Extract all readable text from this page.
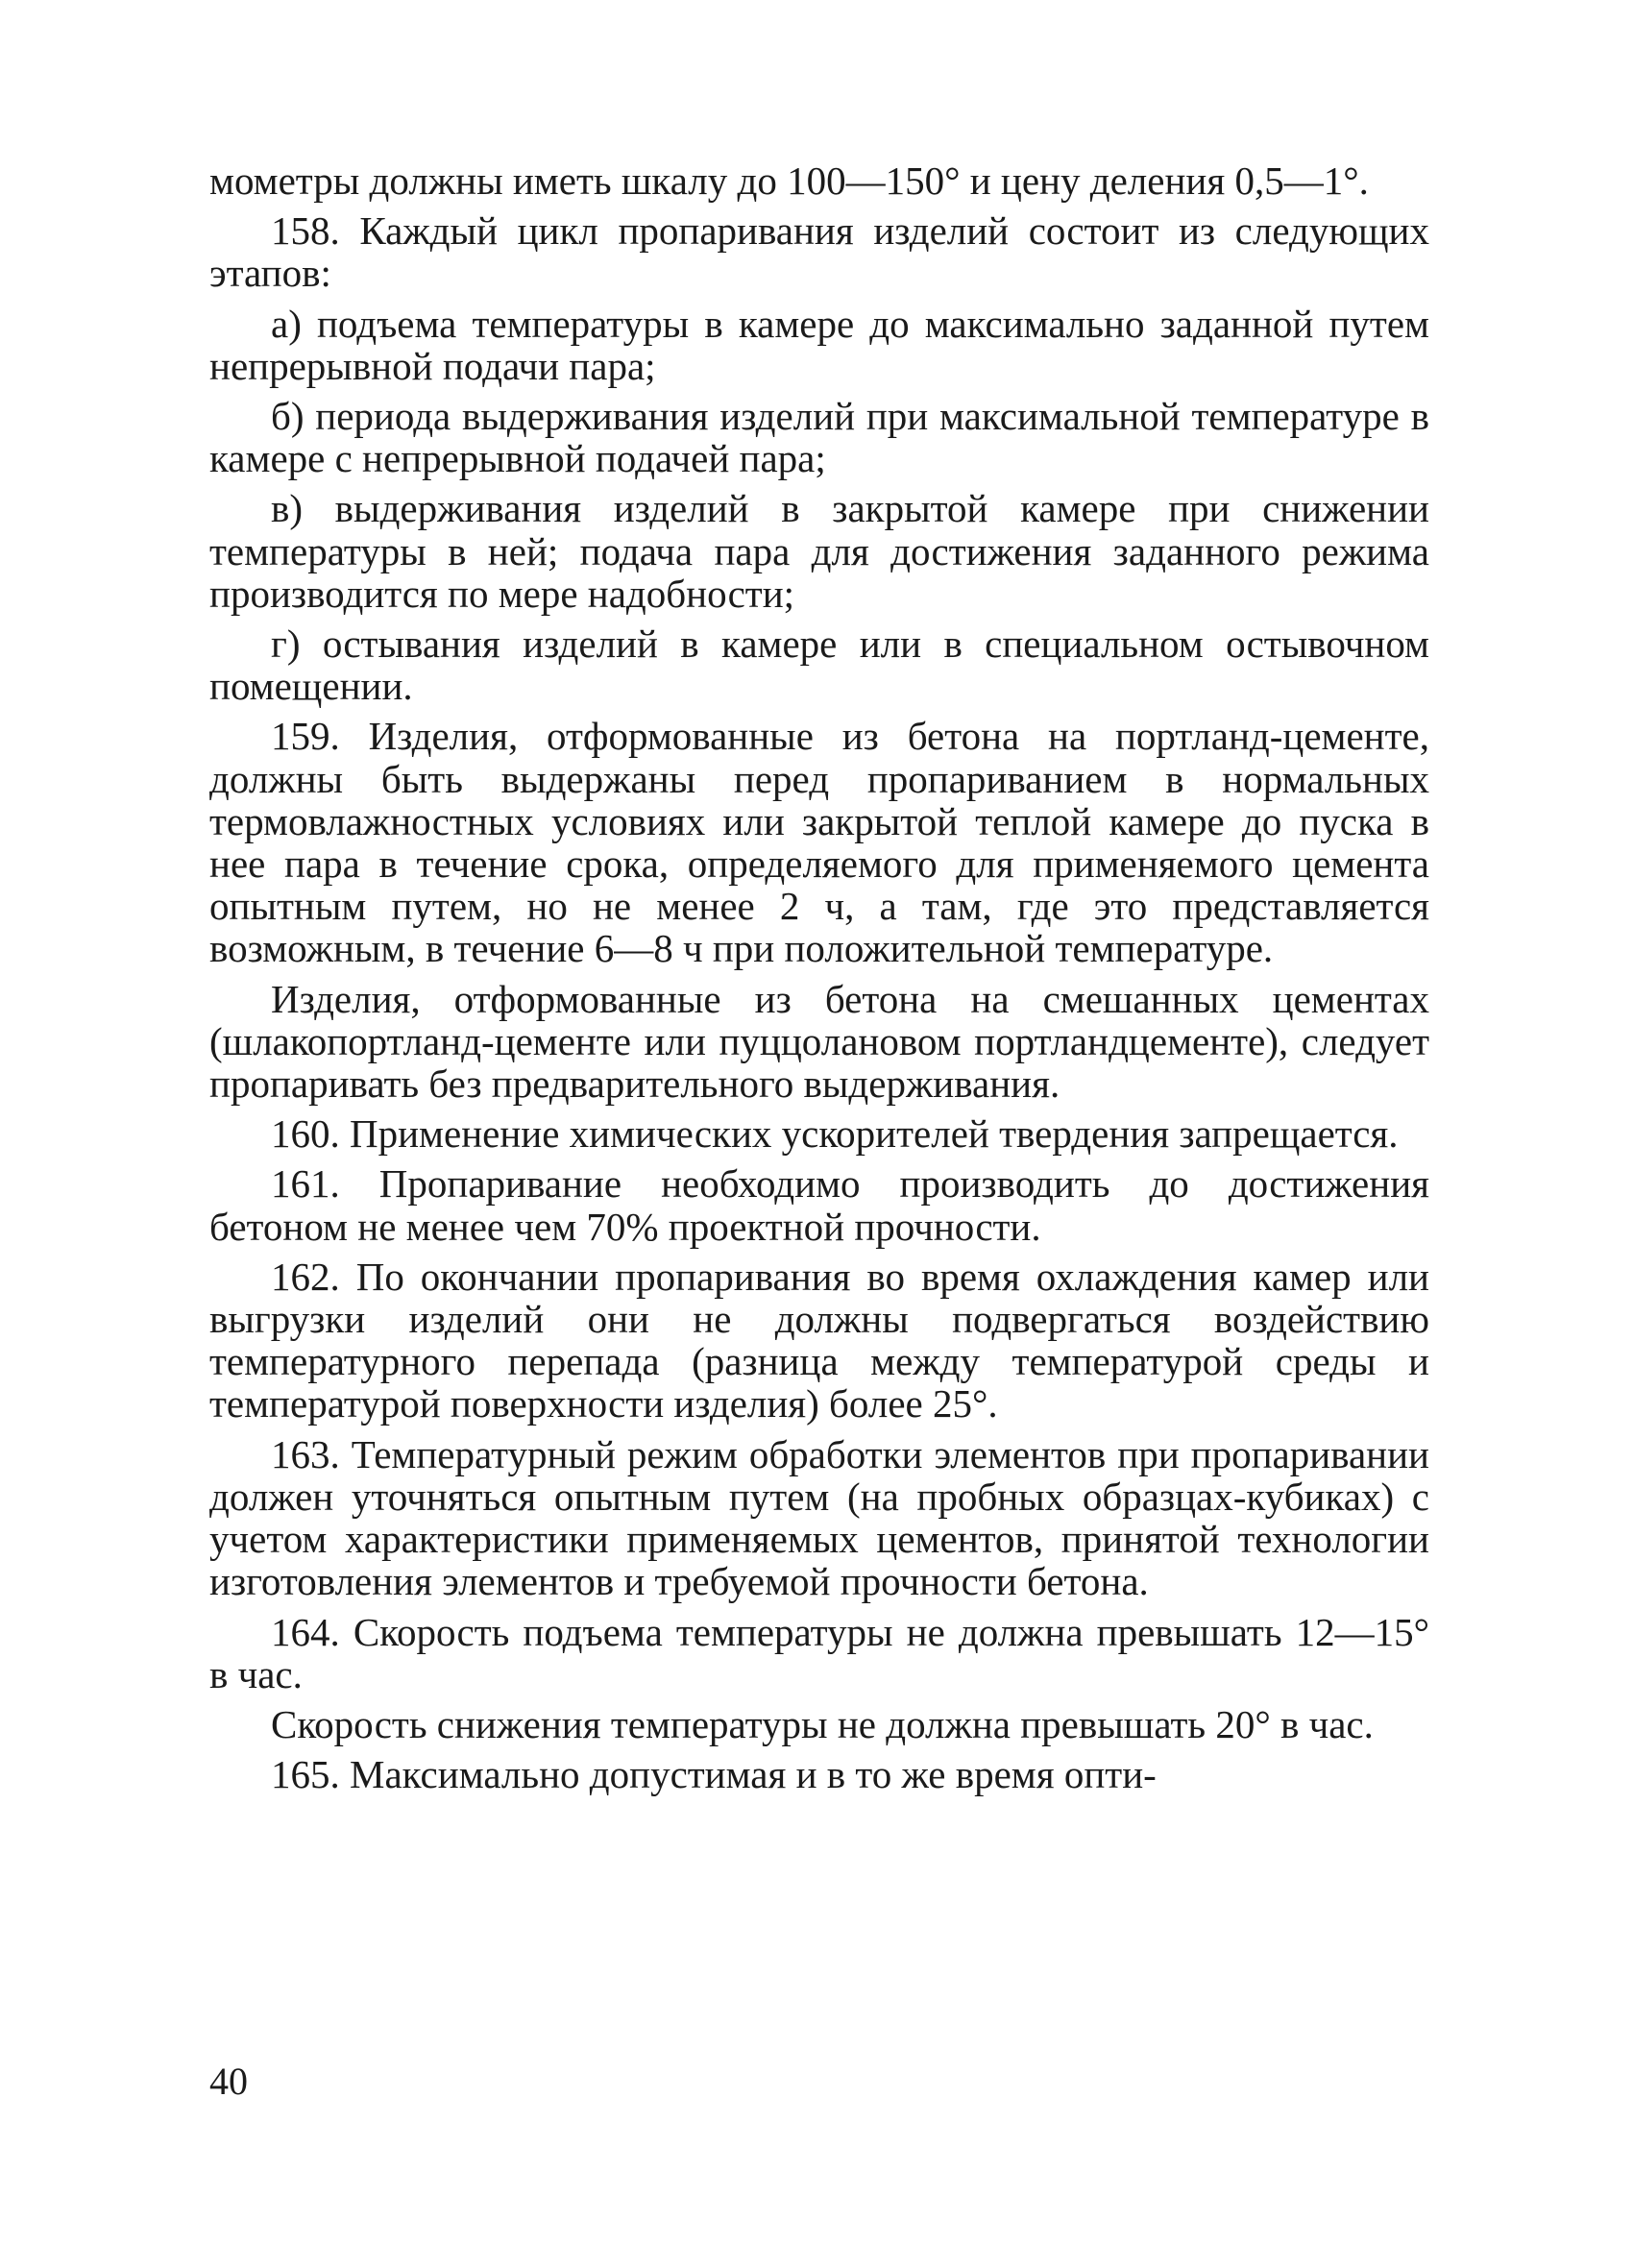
мометры должны иметь шкалу до 100—150° и цену деления 0,5—1°.

158. Каждый цикл пропаривания изделий состоит из следующих этапов:

а) подъема температуры в камере до максимально заданной путем непрерывной подачи пара;

б) периода выдерживания изделий при максимальной температуре в камере с непрерывной подачей пара;

в) выдерживания изделий в закрытой камере при снижении температуры в ней; подача пара для достижения заданного режима производится по мере надобности;

г) остывания изделий в камере или в специальном остывочном помещении.

159. Изделия, отформованные из бетона на портланд-цементе, должны быть выдержаны перед пропариванием в нормальных термовлажностных условиях или закрытой теплой камере до пуска в нее пара в течение срока, определяемого для применяемого цемента опытным путем, но не менее 2 ч, а там, где это представляется возможным, в течение 6—8 ч при положительной температуре.

Изделия, отформованные из бетона на смешанных цементах (шлакопортланд-цементе или пуццолановом портландцементе), следует пропаривать без предварительного выдерживания.

160. Применение химических ускорителей твердения запрещается.

161. Пропаривание необходимо производить до достижения бетоном не менее чем 70% проектной прочности.

162. По окончании пропаривания во время охлаждения камер или выгрузки изделий они не должны подвергаться воздействию температурного перепада (разница между температурой среды и температурой поверхности изделия) более 25°.

163. Температурный режим обработки элементов при пропаривании должен уточняться опытным путем (на пробных образцах-кубиках) с учетом характеристики применяемых цементов, принятой технологии изготовления элементов и требуемой прочности бетона.

164. Скорость подъема температуры не должна превышать 12—15° в час.

Скорость снижения температуры не должна превышать 20° в час.

165. Максимально допустимая и в то же время опти-

40
